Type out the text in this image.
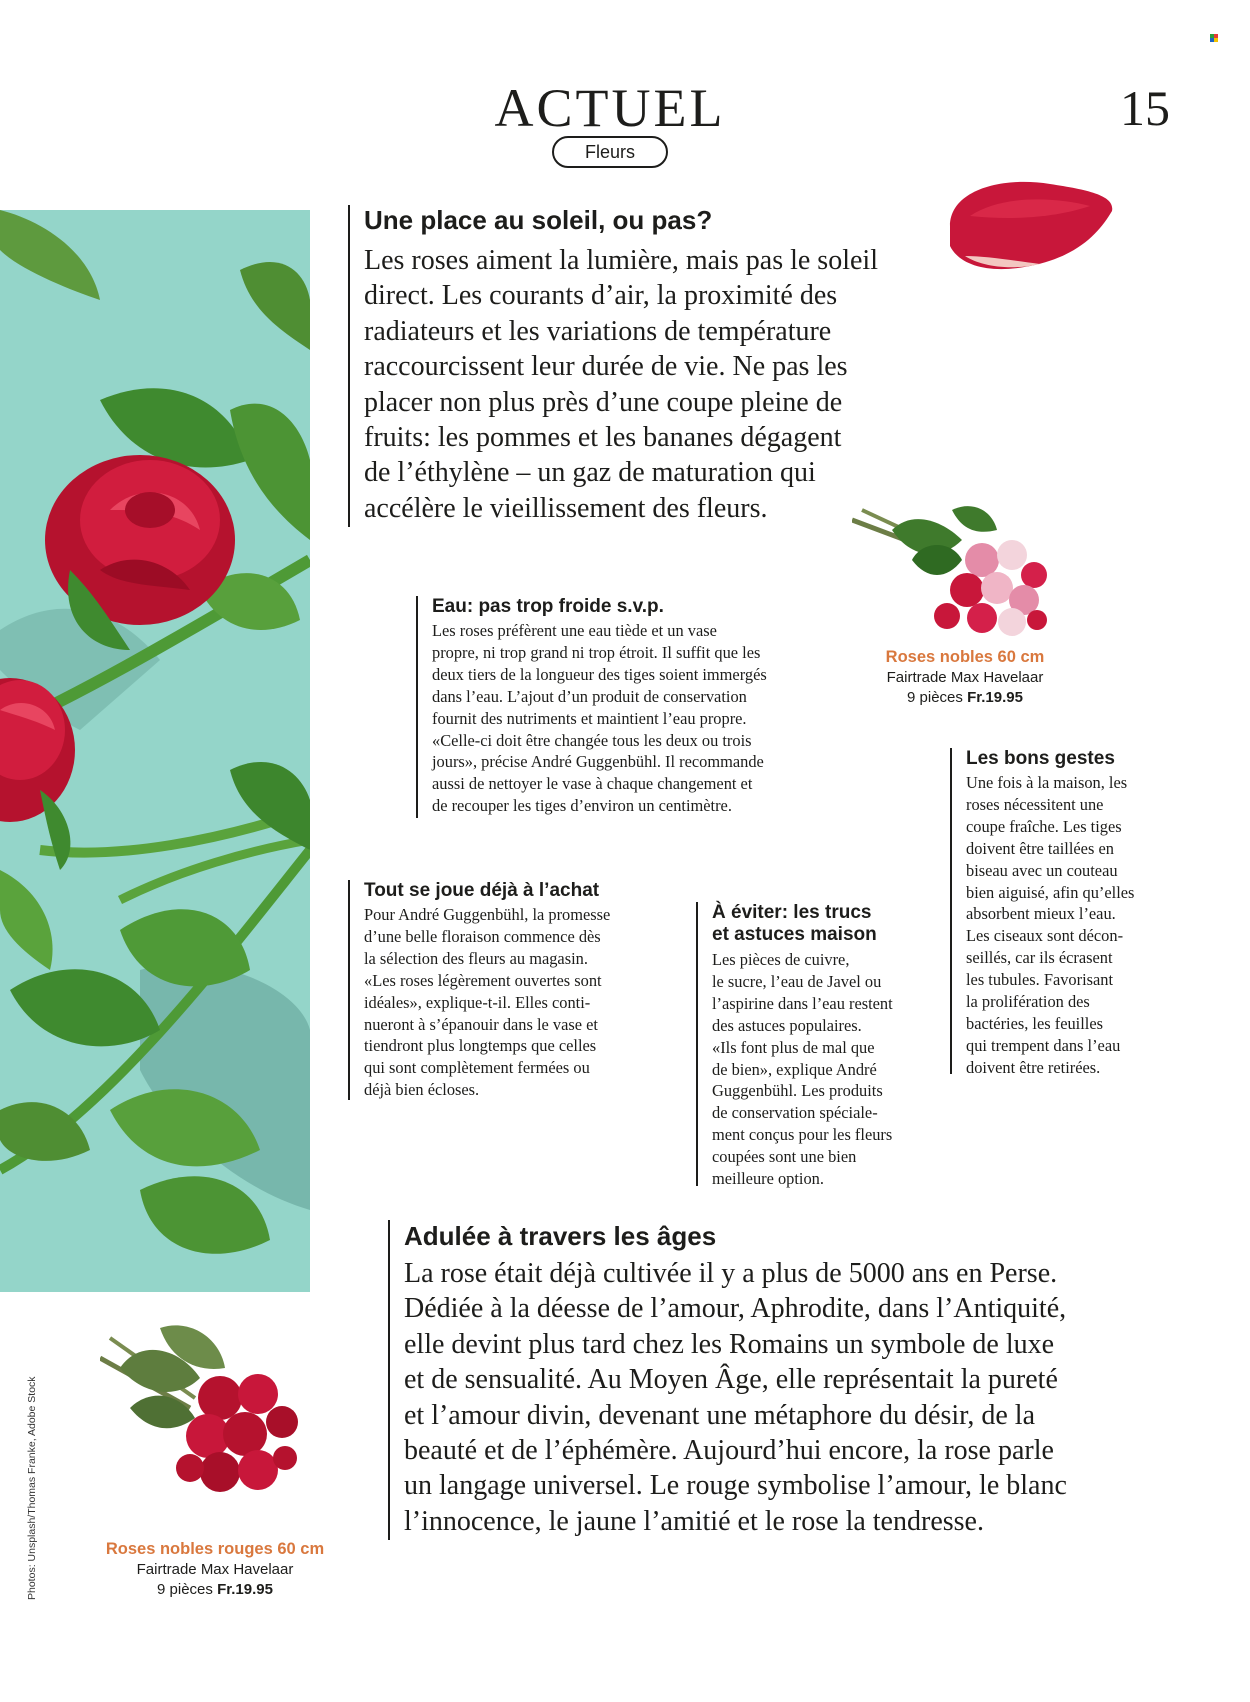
ACTUEL
Fleurs
15
Une place au soleil, ou pas?
Les roses aiment la lumière, mais pas le soleil
direct. Les courants d’air, la proximité des
radiateurs et les variations de température
raccourcissent leur durée de vie. Ne pas les
placer non plus près d’une coupe pleine de
fruits: les pommes et les bananes dégagent
de l’éthylène – un gaz de maturation qui
accélère le vieillissement des fleurs.
Eau: pas trop froide s.v.p.
Les roses préfèrent une eau tiède et un vase
propre, ni trop grand ni trop étroit. Il suffit que les
deux tiers de la longueur des tiges soient immergés
dans l’eau. L’ajout d’un produit de conservation
fournit des nutriments et maintient l’eau propre.
«Celle-ci doit être changée tous les deux ou trois
jours», précise André Guggenbühl. Il recommande
aussi de nettoyer le vase à chaque changement et
de recouper les tiges d’environ un centimètre.
Roses nobles 60 cm
Fairtrade Max Havelaar
9 pièces Fr.19.95
Les bons gestes
Une fois à la maison, les
roses nécessitent une
coupe fraîche. Les tiges
doivent être taillées en
biseau avec un couteau
bien aiguisé, afin qu’elles
absorbent mieux l’eau.
Les ciseaux sont décon-
seillés, car ils écrasent
les tubules. Favorisant
la prolifération des
bactéries, les feuilles
qui trempent dans l’eau
doivent être retirées.
Tout se joue déjà à l’achat
Pour André Guggenbühl, la promesse
d’une belle floraison commence dès
la sélection des fleurs au magasin.
«Les roses légèrement ouvertes sont
idéales», explique-t-il. Elles conti-
nueront à s’épanouir dans le vase et
tiendront plus longtemps que celles
qui sont complètement fermées ou
déjà bien écloses.
À éviter: les trucs
et astuces maison
Les pièces de cuivre,
le sucre, l’eau de Javel ou
l’aspirine dans l’eau restent
des astuces populaires.
«Ils font plus de mal que
de bien», explique André
Guggenbühl. Les produits
de conservation spéciale-
ment conçus pour les fleurs
coupées sont une bien
meilleure option.
Adulée à travers les âges
La rose était déjà cultivée il y a plus de 5000 ans en Perse.
Dédiée à la déesse de l’amour, Aphrodite, dans l’Antiquité,
elle devint plus tard chez les Romains un symbole de luxe
et de sensualité. Au Moyen Âge, elle représentait la pureté
et l’amour divin, devenant une métaphore du désir, de la
beauté et de l’éphémère. Aujourd’hui encore, la rose parle
un langage universel. Le rouge symbolise l’amour, le blanc
l’innocence, le jaune l’amitié et le rose la tendresse.
Roses nobles rouges 60 cm
Fairtrade Max Havelaar
9 pièces Fr.19.95
Photos: Unsplash/Thomas Franke, Adobe Stock
